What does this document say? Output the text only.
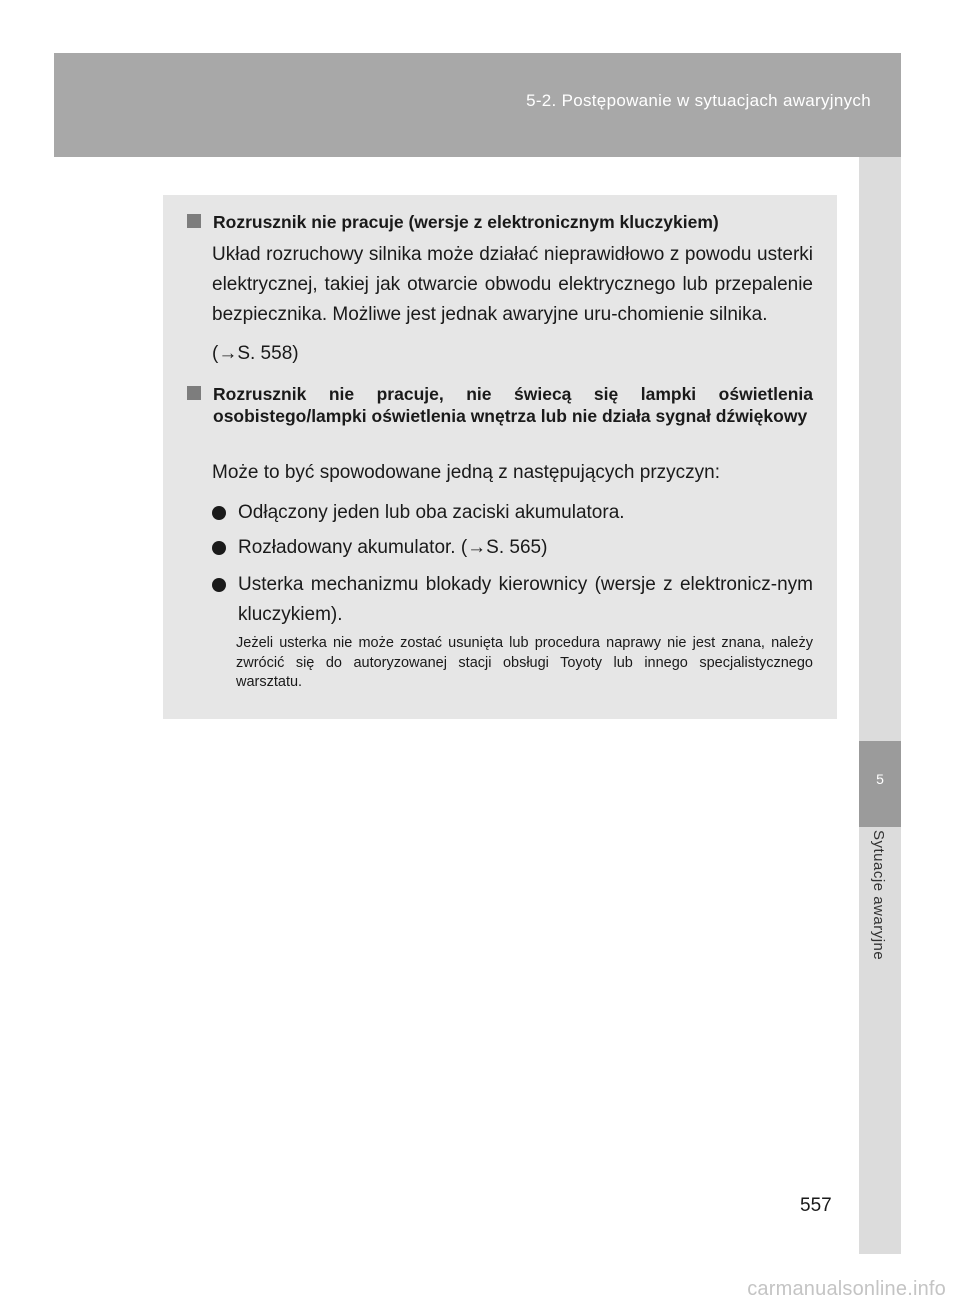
5-2. Postępowanie w sytuacjach awaryjnych
5
Sytuacje awaryjne
Rozrusznik nie pracuje (wersje z elektronicznym kluczykiem)
Układ rozruchowy silnika może działać nieprawidłowo z powodu usterki elektrycznej, takiej jak otwarcie obwodu elektrycznego lub przepalenie bezpiecznika. Możliwe jest jednak awaryjne uru-chomienie silnika.
(→S. 558)
Rozrusznik nie pracuje, nie świecą się lampki oświetlenia osobistego/lampki oświetlenia wnętrza lub nie działa sygnał dźwiękowy
Może to być spowodowane jedną z następujących przyczyn:
Odłączony jeden lub oba zaciski akumulatora.
Rozładowany akumulator. (→S. 565)
Usterka mechanizmu blokady kierownicy (wersje z elektronicz-nym kluczykiem).
Jeżeli usterka nie może zostać usunięta lub procedura naprawy nie jest znana, należy zwrócić się do autoryzowanej stacji obsługi Toyoty lub innego specjalistycznego warsztatu.
557
carmanualsonline.info
